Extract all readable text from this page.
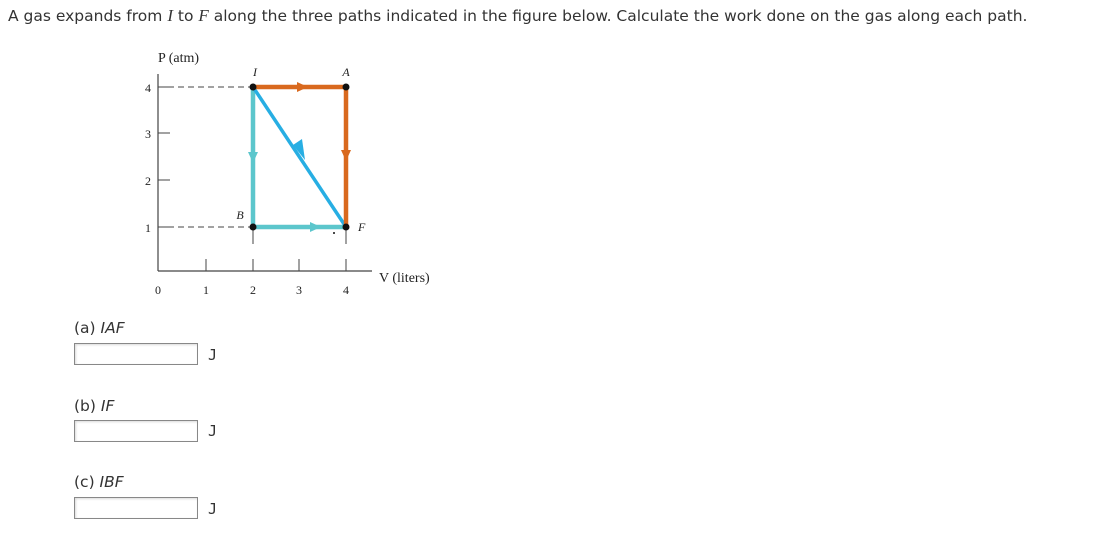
A gas expands from I to F along the three paths indicated in the figure below. Calculate the work done on the gas along each path.
P (atm)
V (liters)
4
3
2
1
0	1	2	3	4
I	A
B
F
(a) IAF
J
(b) IF
J
(c) IBF
J
